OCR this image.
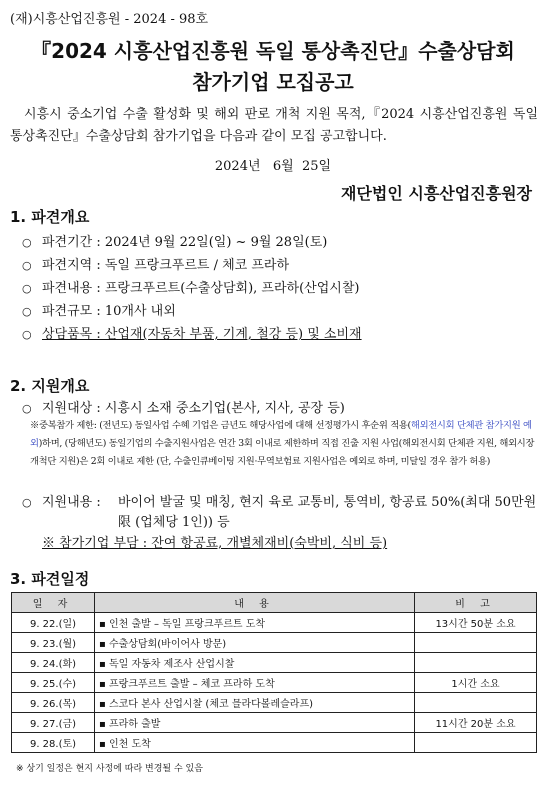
(재)시흥산업진흥원 - 2024 - 98호
『2024 시흥산업진흥원 독일 통상촉진단』수출상담회
참가기업 모집공고
시흥시 중소기업 수출 활성화 및 해외 판로 개척 지원 목적,『2024 시흥산업진흥원 독일 통상촉진단』수출상담회 참가기업을 다음과 같이 모집 공고합니다.
2024년   6월  25일
재단법인 시흥산업진흥원장
1. 파견개요
○ 파견기간 : 2024년 9월 22일(일) ~ 9월 28일(토)
○ 파견지역 : 독일 프랑크푸르트 / 체코 프라하
○ 파견내용 : 프랑크푸르트(수출상담회), 프라하(산업시찰)
○ 파견규모 : 10개사 내외
○ 상담품목 : 산업재(자동차 부품, 기계, 철강 등) 및 소비재
2. 지원개요
○ 지원대상 : 시흥시 소재 중소기업(본사, 지사, 공장 등)
※중복참가 제한: (전년도) 동일사업 수혜 기업은 금년도 해당사업에 대해 선정평가시 후순위 적용(해외전시회 단체관 참가지원 예외)하며, (당해년도) 동일기업의 수출지원사업은 연간 3회 이내로 제한하며 직접 진출 지원 사업(해외전시회 단체관 지원, 해외시장개척단 지원)은 2회 이내로 제한 (단, 수출인큐베이팅 지원·무역보험료 지원사업은 예외로 하며, 미달일 경우 참가 허용)
○ 지원내용 : 바이어 발굴 및 매칭, 현지 육로 교통비, 통역비, 항공료 50%(최대 50만원 限 (업체당 1인)) 등
※ 참가기업 부담 : 잔여 항공료, 개별체재비(숙박비, 식비 등)
3. 파견일정
일 자	내 용	비 고
9. 22.(일)	▪ 인천 출발 – 독일 프랑크푸르트 도착	13시간 50분 소요
9. 23.(월)	▪ 수출상담회(바이어사 방문)	
9. 24.(화)	▪ 독일 자동차 제조사 산업시찰	
9. 25.(수)	▪ 프랑크푸르트 출발 – 체코 프라하 도착	1시간 소요
9. 26.(목)	▪ 스코다 본사 산업시찰 (체코 믈라다볼레슬라프)	
9. 27.(금)	▪ 프라하 출발	11시간 20분 소요
9. 28.(토)	▪ 인천 도착	
※ 상기 일정은 현지 사정에 따라 변경될 수 있음
